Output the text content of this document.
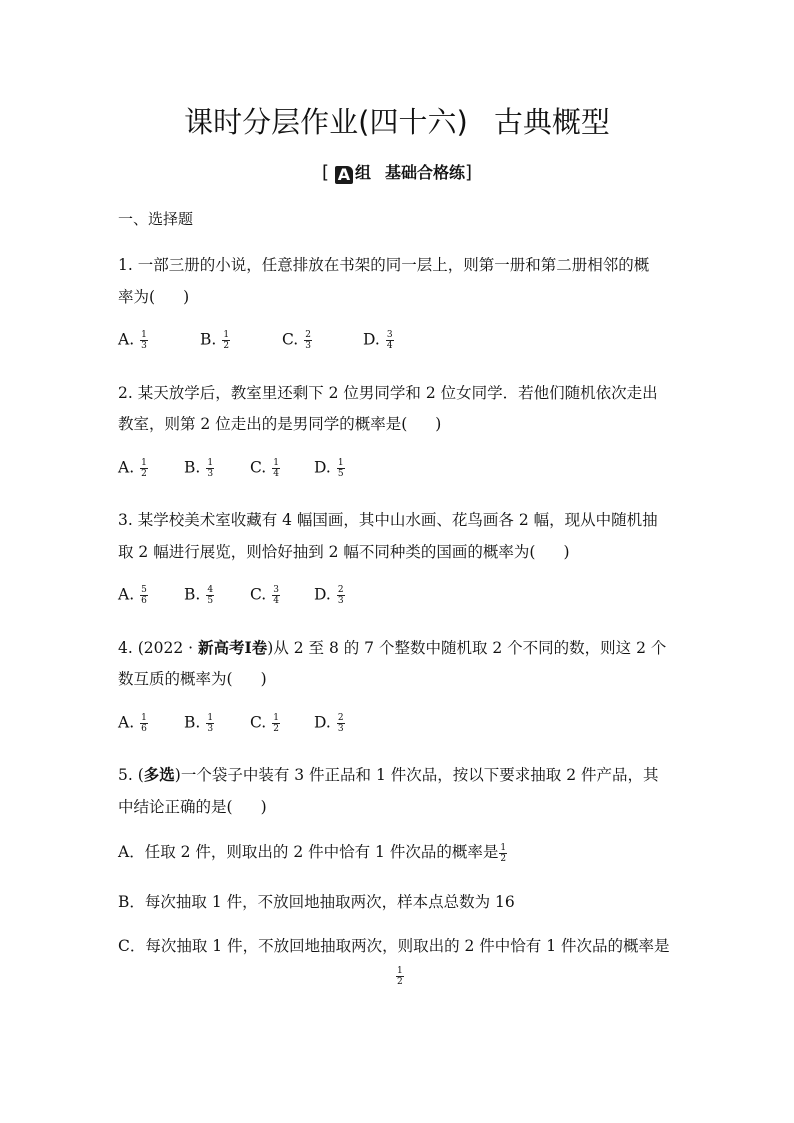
课时分层作业(四十六) 古典概型
[ A 组 基础合格练]
一、选择题
1. 一部三册的小说，任意排放在书架的同一层上，则第一册和第二册相邻的概
率为( )
A. $\frac{1}{3}$	B. $\frac{1}{2}$	C. $\frac{2}{3}$	D. $\frac{3}{4}$
2. 某天放学后，教室里还剩下 2 位男同学和 2 位女同学．若他们随机依次走出
教室，则第 2 位走出的是男同学的概率是( )
A. $\frac{1}{2} B$. $\frac{1}{3} C$. $\frac{1}{4} D$. $\frac{1}{5}$
3. 某学校美术室收藏有 4 幅国画，其中山水画、花鸟画各 2 幅，现从中随机抽
取 2 幅进行展览，则恰好抽到 2 幅不同种类的国画的概率为( )
A. $\frac{5}{6} B$. $\frac{4}{5} C$. $\frac{3}{4} D$. $\frac{2}{3}$
4. (2022 · 新高考Ⅰ卷)从 2 至 8 的 7 个整数中随机取 2 个不同的数，则这 2 个
数互质的概率为( )
A. $\frac{1}{6} B$. $\frac{1}{3} C$. $\frac{1}{2} D$. $\frac{2}{3}$
5. (多选)一个袋子中装有 3 件正品和 1 件次品，按以下要求抽取 2 件产品，其
中结论正确的是( )
A．任取 2 件，则取出的 2 件中恰有 1 件次品的概率是 $\frac{1}{2}$
B．每次抽取 1 件，不放回地抽取两次，样本点总数为 16
C．每次抽取 1 件，不放回地抽取两次，则取出的 2 件中恰有 1 件次品的概率是
$\frac{1}{2}$
